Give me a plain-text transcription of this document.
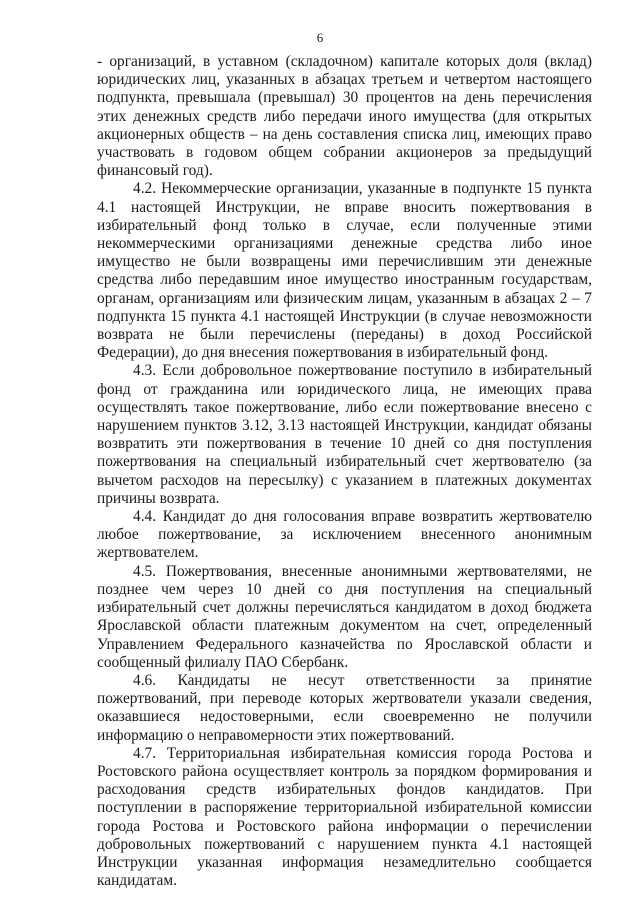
6

- организаций, в уставном (складочном) капитале которых доля (вклад) юридических лиц, указанных в абзацах третьем и четвертом настоящего подпункта, превышала (превышал) 30 процентов на день перечисления этих денежных средств либо передачи иного имущества (для открытых акционерных обществ – на день составления списка лиц, имеющих право участвовать в годовом общем собрании акционеров за предыдущий финансовый год).

4.2. Некоммерческие организации, указанные в подпункте 15 пункта 4.1 настоящей Инструкции, не вправе вносить пожертвования в избирательный фонд только в случае, если полученные этими некоммерческими организациями денежные средства либо иное имущество не были возвращены ими перечислившим эти денежные средства либо передавшим иное имущество иностранным государствам, органам, организациям или физическим лицам, указанным в абзацах 2 – 7 подпункта 15 пункта 4.1 настоящей Инструкции (в случае невозможности возврата не были перечислены (переданы) в доход Российской Федерации), до дня внесения пожертвования в избирательный фонд.

4.3. Если добровольное пожертвование поступило в избирательный фонд от гражданина или юридического лица, не имеющих права осуществлять такое пожертвование, либо если пожертвование внесено с нарушением пунктов 3.12, 3.13 настоящей Инструкции, кандидат обязаны возвратить эти пожертвования в течение 10 дней со дня поступления пожертвования на специальный избирательный счет жертвователю (за вычетом расходов на пересылку) с указанием в платежных документах причины возврата.

4.4. Кандидат до дня голосования вправе возвратить жертвователю любое пожертвование, за исключением внесенного анонимным жертвователем.

4.5. Пожертвования, внесенные анонимными жертвователями, не позднее чем через 10 дней со дня поступления на специальный избирательный счет должны перечисляться кандидатом в доход бюджета Ярославской области платежным документом на счет, определенный Управлением Федерального казначейства по Ярославской области и сообщенный филиалу ПАО Сбербанк.

4.6. Кандидаты не несут ответственности за принятие пожертвований, при переводе которых жертвователи указали сведения, оказавшиеся недостоверными, если своевременно не получили информацию о неправомерности этих пожертвований.

4.7. Территориальная избирательная комиссия города Ростова и Ростовского района осуществляет контроль за порядком формирования и расходования средств избирательных фондов кандидатов. При поступлении в распоряжение территориальной избирательной комиссии города Ростова и Ростовского района информации о перечислении добровольных пожертвований с нарушением пункта 4.1 настоящей Инструкции указанная информация незамедлительно сообщается кандидатам.
